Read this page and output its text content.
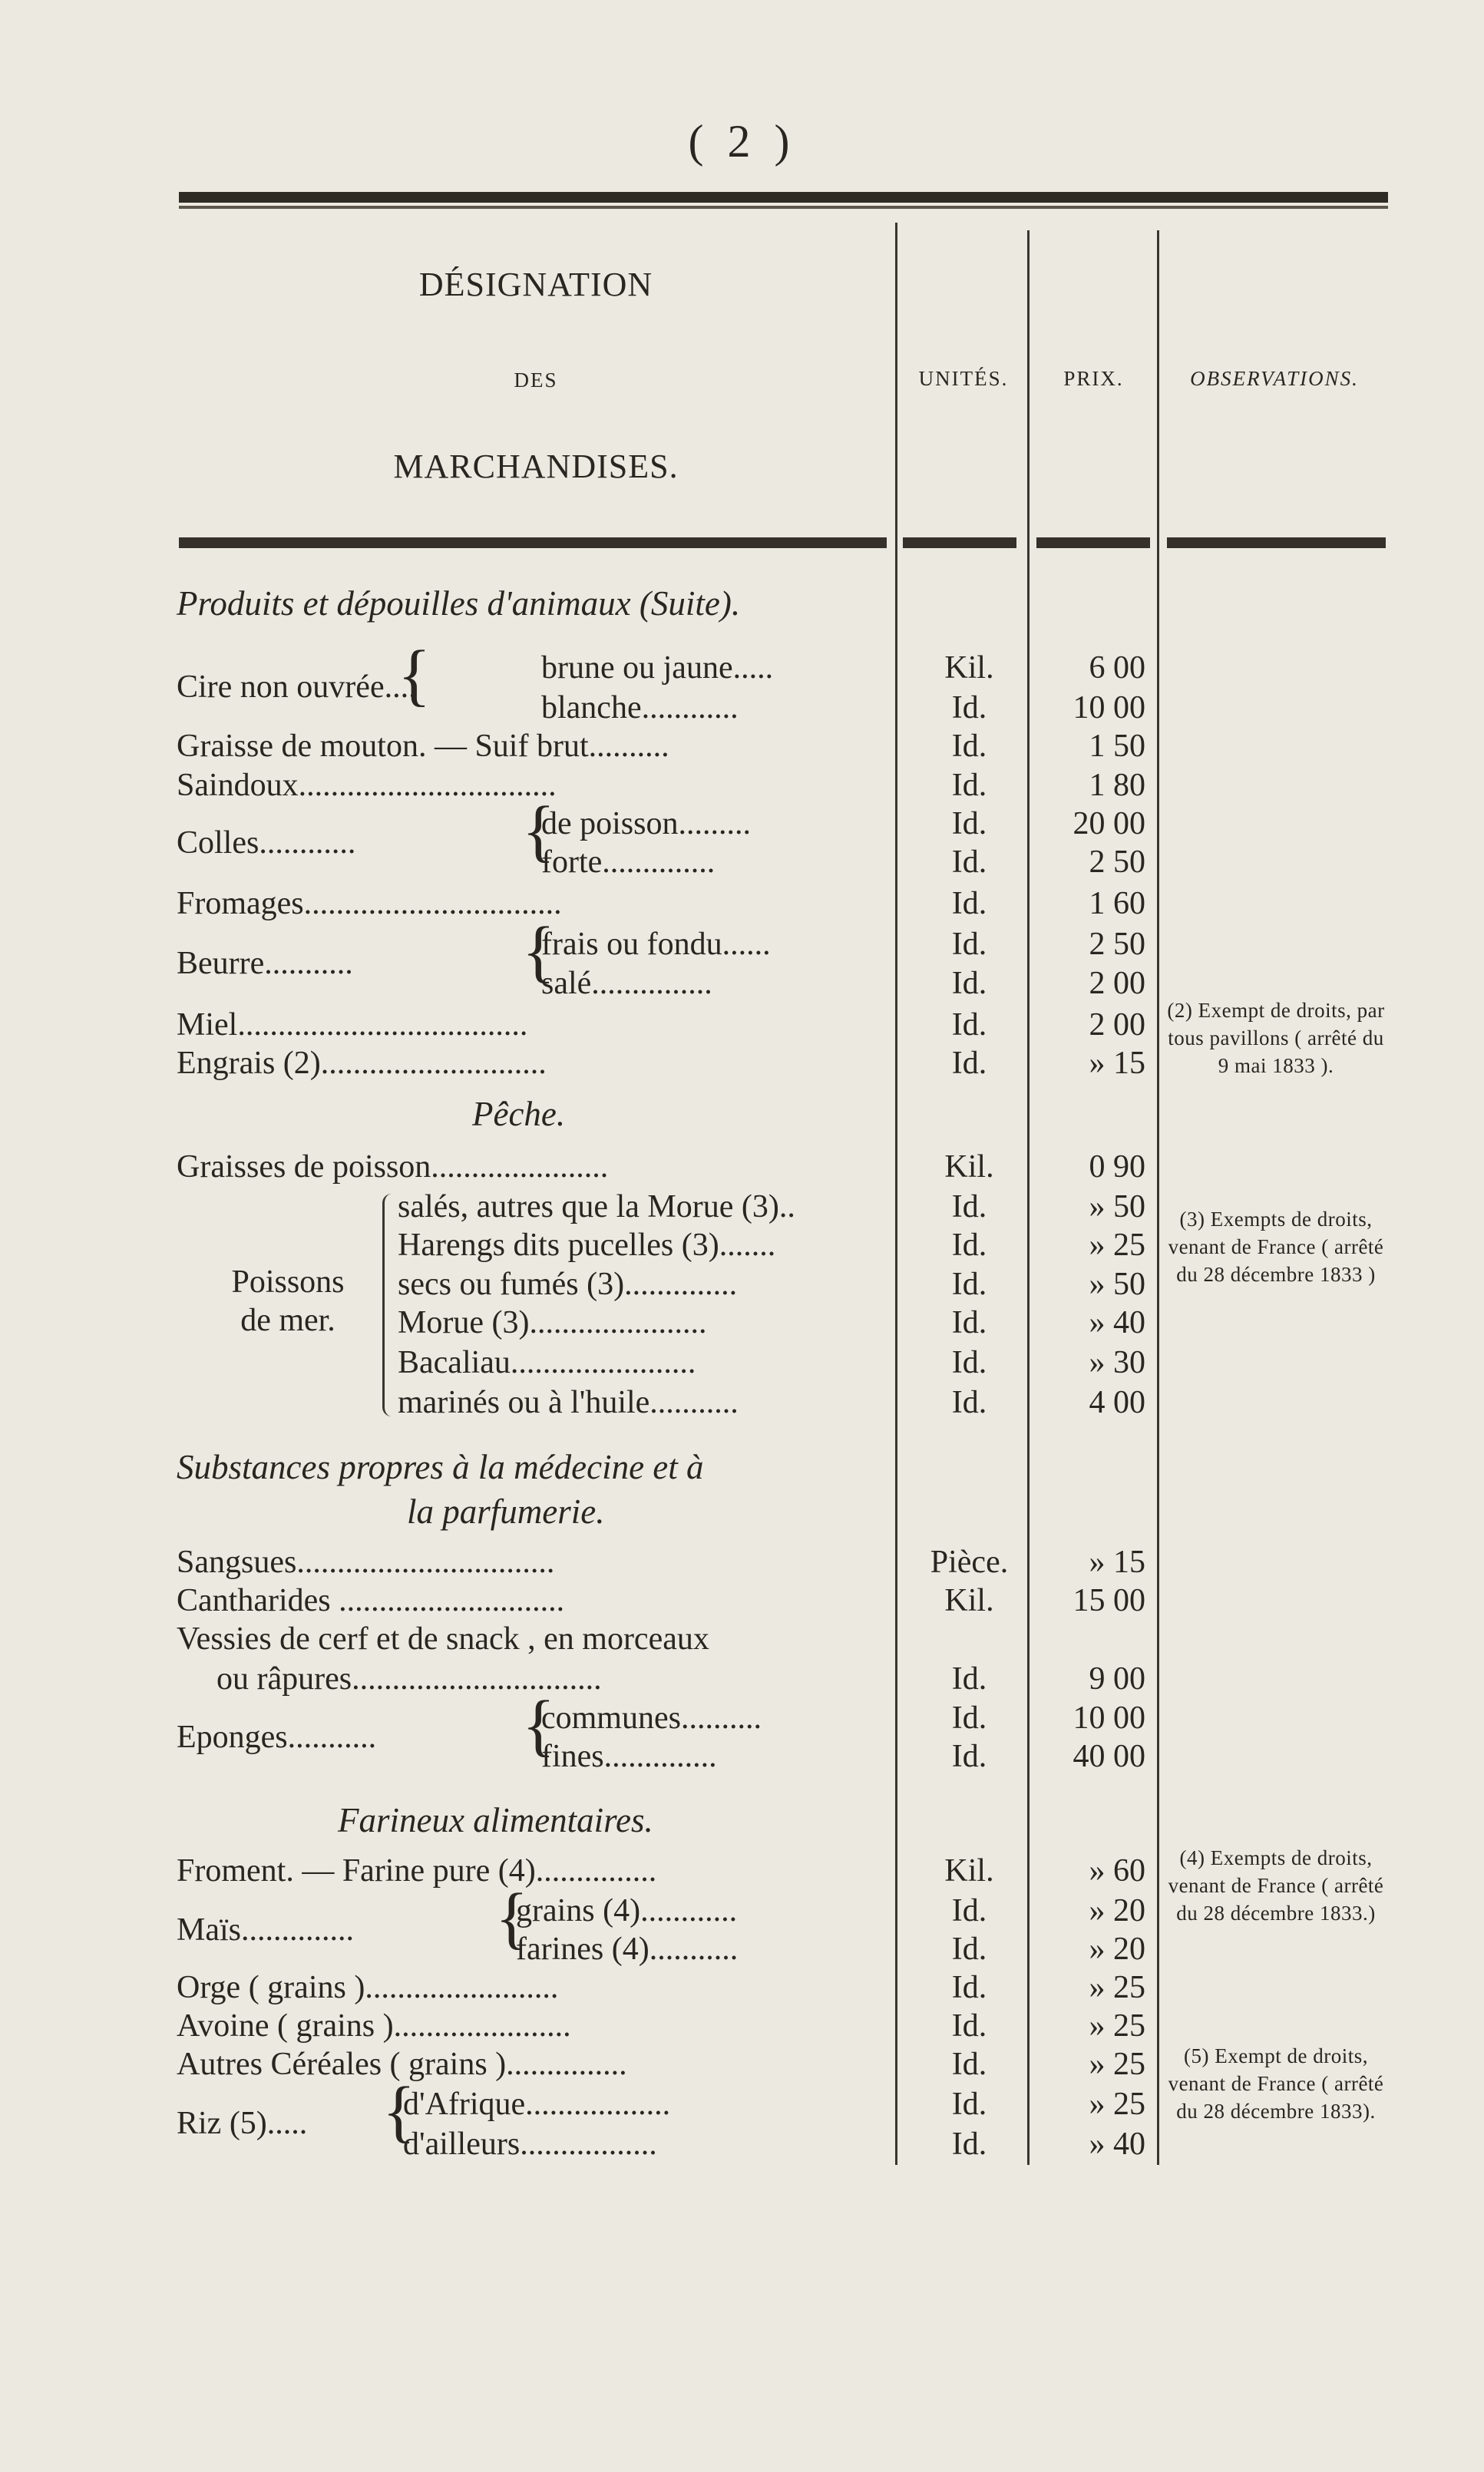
( 2 )
DÉSIGNATION
DES
MARCHANDISES.
UNITÉS.	PRIX.	OBSERVATIONS.
Produits et dépouilles d'animaux (Suite).
Cire non ouvrée....
{	brune ou jaune.....	Kil.	6 00
blanche............	Id.	10 00
Graisse de mouton. — Suif brut..........	Id.	1 50
Saindoux................................	Id.	1 80
Colles............ {
de poisson.........	Id.	20 00
forte..............	Id.	2 50
Fromages................................	Id.	1 60
Beurre........... {
frais ou fondu......	Id.	2 50
salé...............	Id.	2 00
Miel....................................	Id.	2 00
Engrais (2)............................	Id.	» 15
(2) Exempt de droits, par tous pavillons ( arrêté du 9 mai 1833 ).
Pêche.
Graisses de poisson......................	Kil.	0 90
Poissons
de mer.
salés, autres que la Morue (3)..	Id.	» 50
Harengs dits pucelles (3).......	Id.	» 25
secs ou fumés (3)..............	Id.	» 50
Morue (3)......................	Id.	» 40
Bacaliau.......................	Id.	» 30
marinés ou à l'huile...........	Id.	4 00
(3) Exempts de droits, venant de France ( arrêté du 28 décembre 1833 )
Substances propres à la médecine et à
la parfumerie.
Sangsues................................	Pièce.	» 15
Cantharides ............................	Kil.	15 00
Vessies de cerf et de snack , en morceaux
ou râpures...............................	Id.	9 00
Eponges........... {
communes..........	Id.	10 00
fines..............	Id.	40 00
Farineux alimentaires.
Froment. — Farine pure (4)...............	Kil.	» 60
Maïs.............. {
grains (4)............	Id.	» 20
farines (4)...........	Id.	» 20
Orge ( grains )........................	Id.	» 25
Avoine ( grains )......................	Id.	» 25
Autres Céréales ( grains )...............	Id.	» 25
Riz (5)..... {
d'Afrique..................	Id.	» 25
d'ailleurs.................	Id.	» 40
(4) Exempts de droits, venant de France ( arrêté du 28 décembre 1833.)
(5) Exempt de droits, venant de France ( arrêté du 28 décembre 1833).
